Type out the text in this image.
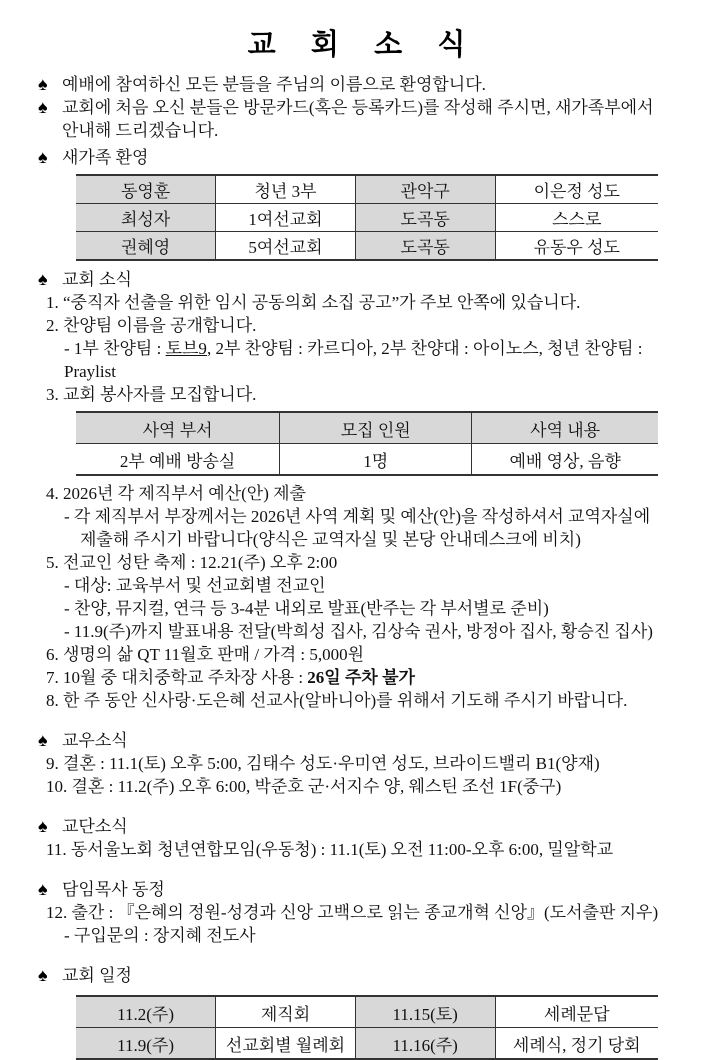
교 회 소 식
♠ 예배에 참여하신 모든 분들을 주님의 이름으로 환영합니다.
♠ 교회에 처음 오신 분들은 방문카드(혹은 등록카드)를 작성해 주시면, 새가족부에서
안내해 드리겠습니다.
♠ 새가족 환영
동영훈	청년 3부	관악구	이은정 성도
최성자	1여선교회	도곡동	스스로
권혜영	5여선교회	도곡동	유동우 성도
♠ 교회 소식
1. “중직자 선출을 위한 임시 공동의회 소집 공고”가 주보 안쪽에 있습니다.
2. 찬양팀 이름을 공개합니다.
- 1부 찬양팀 : 토브9, 2부 찬양팀 : 카르디아, 2부 찬양대 : 아이노스, 청년 찬양팀 : Praylist
3. 교회 봉사자를 모집합니다.
사역 부서	모집 인원	사역 내용
2부 예배 방송실	1명	예배 영상, 음향
4. 2026년 각 제직부서 예산(안) 제출
- 각 제직부서 부장께서는 2026년 사역 계획 및 예산(안)을 작성하셔서 교역자실에
제출해 주시기 바랍니다(양식은 교역자실 및 본당 안내데스크에 비치)
5. 전교인 성탄 축제 : 12.21(주) 오후 2:00
- 대상: 교육부서 및 선교회별 전교인
- 찬양, 뮤지컬, 연극 등 3-4분 내외로 발표(반주는 각 부서별로 준비)
- 11.9(주)까지 발표내용 전달(박희성 집사, 김상숙 권사, 방정아 집사, 황승진 집사)
6. 생명의 삶 QT 11월호 판매 / 가격 : 5,000원
7. 10월 중 대치중학교 주차장 사용 : 26일 주차 불가
8. 한 주 동안 신사랑·도은혜 선교사(알바니아)를 위해서 기도해 주시기 바랍니다.
♠ 교우소식
9. 결혼 : 11.1(토) 오후 5:00, 김태수 성도·우미연 성도, 브라이드밸리 B1(양재)
10. 결혼 : 11.2(주) 오후 6:00, 박준호 군·서지수 양, 웨스틴 조선 1F(중구)
♠ 교단소식
11. 동서울노회 청년연합모임(우동청) : 11.1(토) 오전 11:00-오후 6:00, 밀알학교
♠ 담임목사 동정
12. 출간 : 『은혜의 정원-성경과 신앙 고백으로 읽는 종교개혁 신앙』(도서출판 지우)
- 구입문의 : 장지혜 전도사
♠ 교회 일정
11.2(주)	제직회	11.15(토)	세례문답
11.9(주)	선교회별 월례회	11.16(주)	세례식, 정기 당회
